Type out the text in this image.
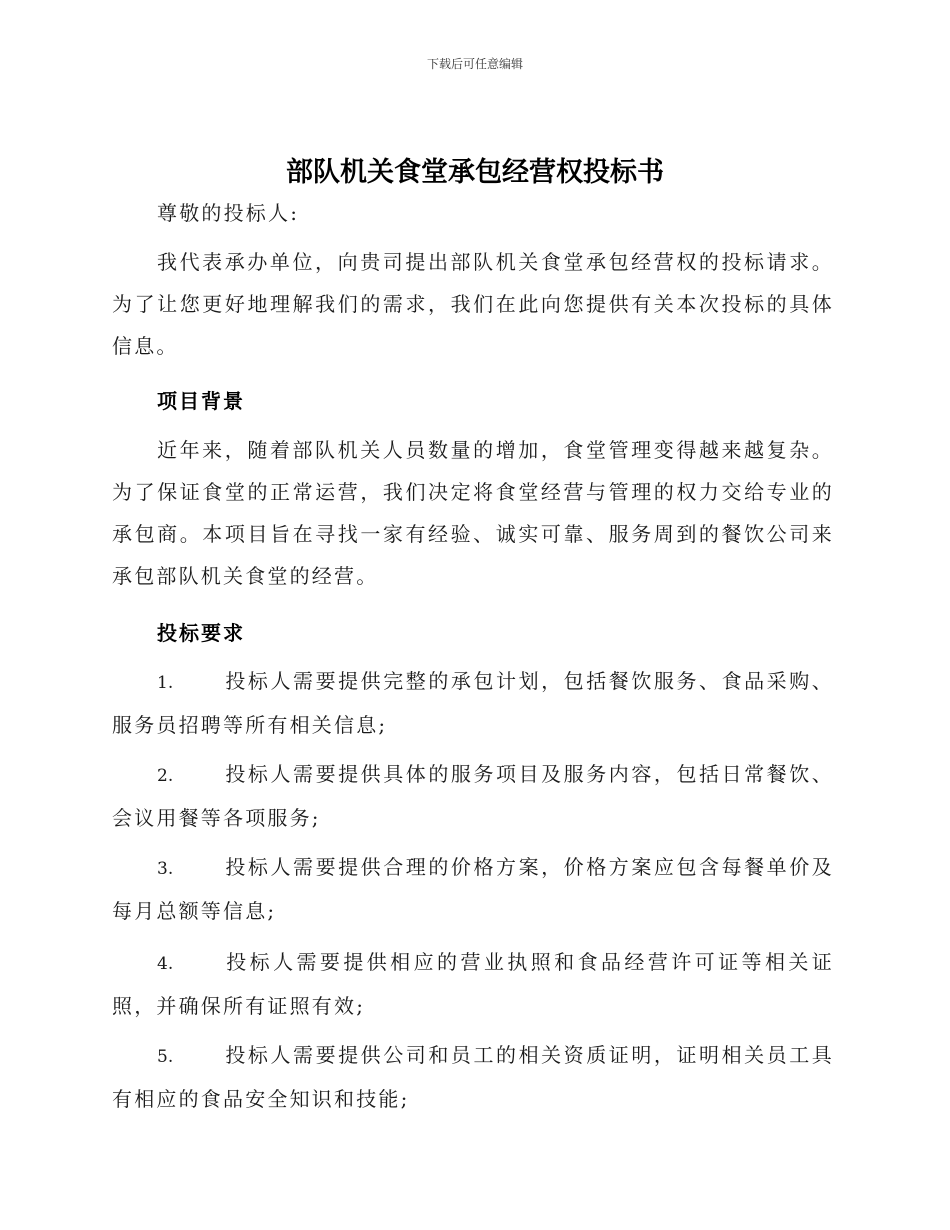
下载后可任意编辑
部队机关食堂承包经营权投标书
尊敬的投标人:
我代表承办单位，向贵司提出部队机关食堂承包经营权的投标请求。为了让您更好地理解我们的需求，我们在此向您提供有关本次投标的具体信息。
项目背景
近年来，随着部队机关人员数量的增加，食堂管理变得越来越复杂。为了保证食堂的正常运营，我们决定将食堂经营与管理的权力交给专业的承包商。本项目旨在寻找一家有经验、诚实可靠、服务周到的餐饮公司来承包部队机关食堂的经营。
投标要求
1.	投标人需要提供完整的承包计划，包括餐饮服务、食品采购、服务员招聘等所有相关信息;
2.	投标人需要提供具体的服务项目及服务内容，包括日常餐饮、会议用餐等各项服务;
3.	投标人需要提供合理的价格方案，价格方案应包含每餐单价及每月总额等信息;
4.	投标人需要提供相应的营业执照和食品经营许可证等相关证照，并确保所有证照有效;
5.	投标人需要提供公司和员工的相关资质证明，证明相关员工具有相应的食品安全知识和技能;
